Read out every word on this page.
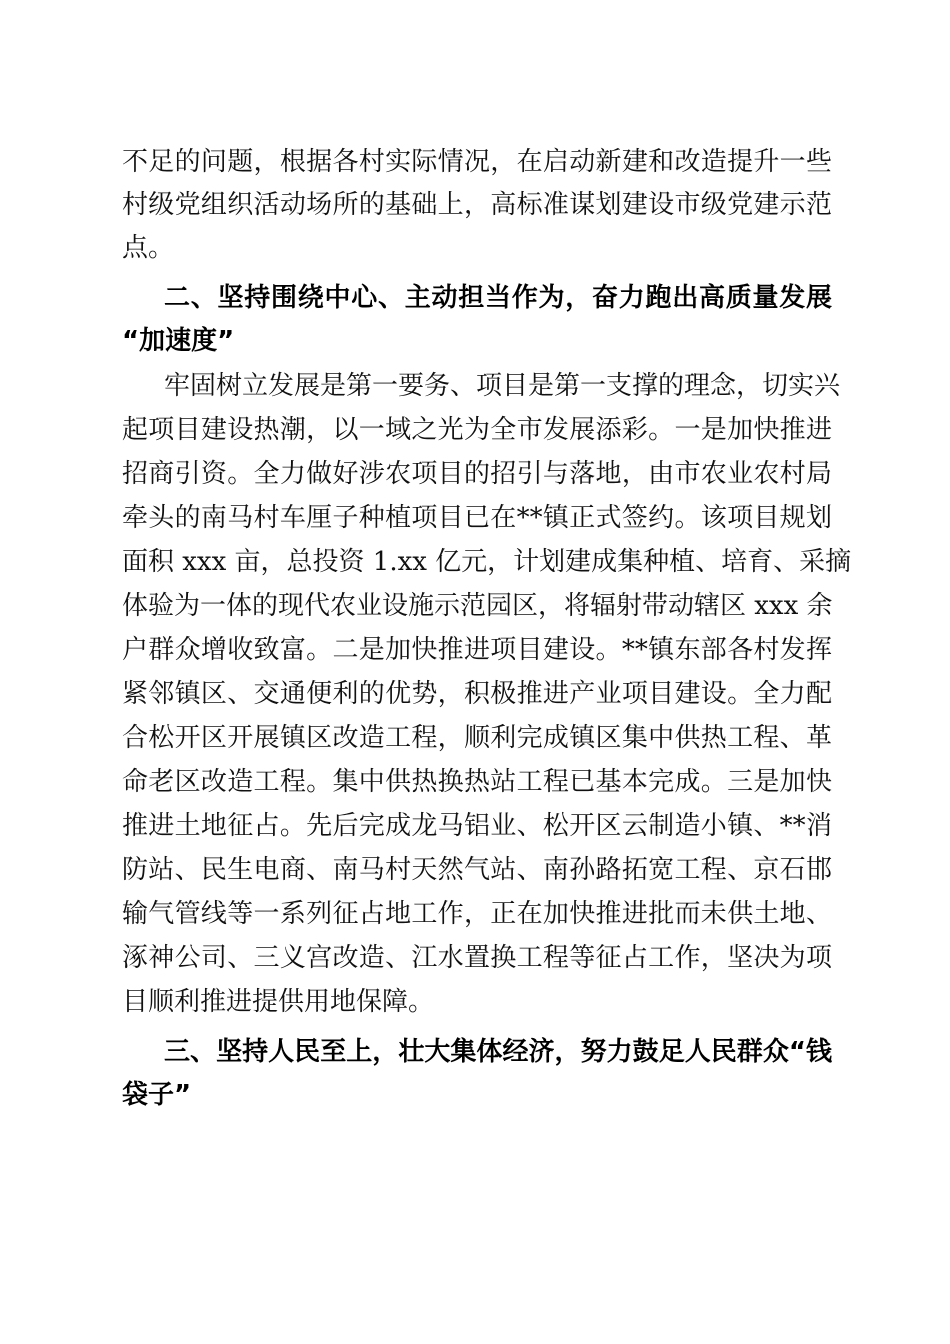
不足的问题，根据各村实际情况，在启动新建和改造提升一些

村级党组织活动场所的基础上，高标准谋划建设市级党建示范

点。

二、坚持围绕中心、主动担当作为，奋力跑出高质量发展

“加速度”

牢固树立发展是第一要务、项目是第一支撑的理念，切实兴

起项目建设热潮，以一域之光为全市发展添彩。一是加快推进

招商引资。全力做好涉农项目的招引与落地，由市农业农村局

牵头的南马村车厘子种植项目已在**镇正式签约。该项目规划

面积 xxx 亩，总投资 1.xx 亿元，计划建成集种植、培育、采摘

体验为一体的现代农业设施示范园区，将辐射带动辖区 xxx 余

户群众增收致富。二是加快推进项目建设。**镇东部各村发挥

紧邻镇区、交通便利的优势，积极推进产业项目建设。全力配

合松开区开展镇区改造工程，顺利完成镇区集中供热工程、革

命老区改造工程。集中供热换热站工程已基本完成。三是加快

推进土地征占。先后完成龙马铝业、松开区云制造小镇、**消

防站、民生电商、南马村天然气站、南孙路拓宽工程、京石邯

输气管线等一系列征占地工作，正在加快推进批而未供土地、

涿神公司、三义宫改造、江水置换工程等征占工作，坚决为项

目顺利推进提供用地保障。

三、坚持人民至上，壮大集体经济，努力鼓足人民群众“钱

袋子”
